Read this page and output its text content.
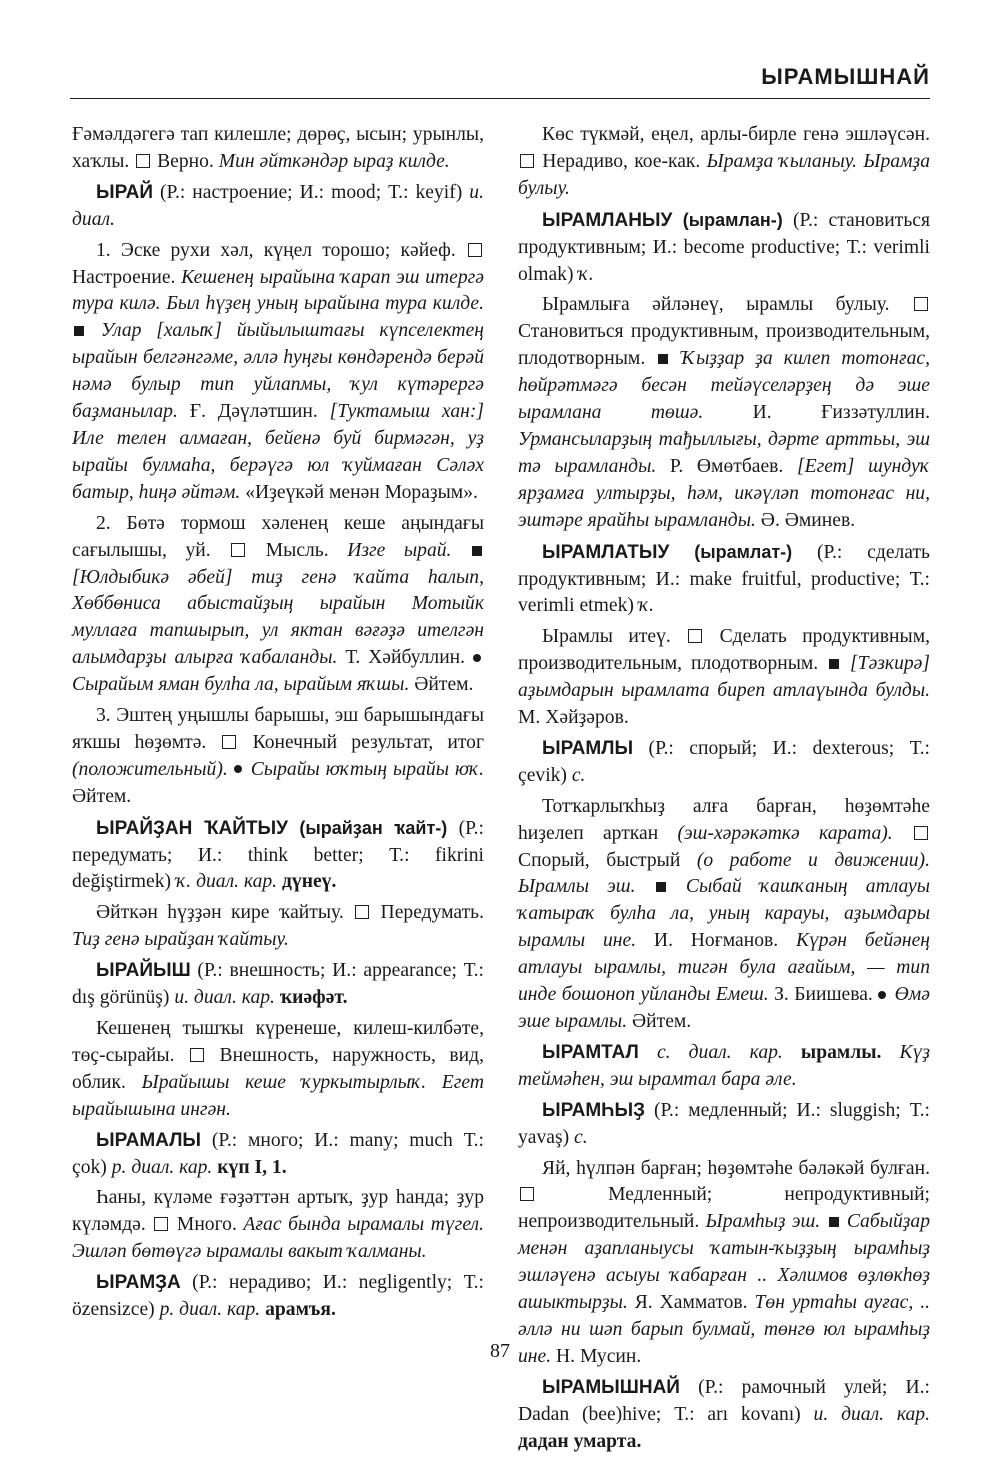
ЫРАМЫШНАЙ

Ғәмәлдәгегә тап килешле; дөрөҫ, ысын; урынлы, хаҡлы.  Верно. Мин әйткәндәр ыраҙ килде.

ЫРАЙ (Р.: настроение; И.: mood; Т.: keyif) и. диал.

1. Эске рухи хәл, күңел торошо; кәйеф.  Настроение. Кешенең ырайына ҡарап эш итергә тура килә. Был һүҙең уның ырайына тура килде.  Улар [халыҡ] йыйылыштағы күпселектең ырайын белгәнгәме, әллә һуңғы көндәрендә берәй нәмә булыр тип уйлапмы, ҡул күтәрергә баҙманылар. Ғ. Дәүләтшин. [Туктамыш хан:] Иле телен алмаған, бейенә буй бирмәгән, уҙ ырайы булмаһа, берәүгә юл ҡуймаған Сәләх батыр, һиңә әйтәм. «Иҙеүкәй менән Мораҙым».

2. Бөтә тормош хәленең кеше аңындағы сағылышы, уй.  Мысль. Изге ырай.  [Юлдыбикә әбей] тиҙ генә ҡайта һалып, Хөббөниса абыстайҙың ырайын Мотыйк муллаға тапшырып, ул яктан вәғәҙә ителгән алымдарҙы алырға ҡабаланды. Т. Хәйбуллин.  Сырайым яман булһа ла, ырайым яҡшы. Әйтем.

3. Эштең уңышлы барышы, эш барышындағы яҡшы һөҙөмтә.  Конечный результат, итог (положительный).  Сырайы юҡтың ырайы юҡ. Әйтем.

ЫРАЙҘАН ҠАЙТЫУ (ырайҙан ҡайт-) (Р.: передумать; И.: think better; Т.: fikrini değiştirmek) ҡ. диал. кар. дүнеү.

Әйткән һүҙҙән кире ҡайтыу.  Передумать. Тиҙ генә ырайҙан ҡайтыу.

ЫРАЙЫШ (Р.: внешность; И.: appearance; Т.: dış görünüş) и. диал. кар. ҡиәфәт.

Кешенең тышҡы күренеше, килеш-килбәте, төҫ-сырайы.  Внешность, наружность, вид, облик. Ырайышы кеше ҡуркытырлыҡ. Егет ырайышына ингән.

ЫРАМАЛЫ (Р.: много; И.: many; much Т.: çok) р. диал. кар. күп I, 1.

Һаны, күләме ғәҙәттән артыҡ, ҙур һанда; ҙур күләмдә.  Много. Ағас бында ырамалы түгел. Эшләп бөтөүгә ырамалы вакыт ҡалманы.

ЫРАМҘА (Р.: нерадиво; И.: negligently; Т.: özensizce) р. диал. кар. арамъя.

Көс түкмәй, еңел, арлы-бирле генә эшләүсән.  Нерадиво, кое-как. Ырамҙа ҡыланыу. Ырамҙа булыу.

ЫРАМЛАНЫУ (ырамлан-) (Р.: становиться продуктивным; И.: become productive; Т.: verimli olmak) ҡ.

Ырамлыға әйләнеү, ырамлы булыу.  Становиться продуктивным, производительным, плодотворным.  Ҡыҙҙар ҙа килеп тотонғас, һөйрәтмәгә бесән тейәүселәрҙең дә эше ырамлана төшә. И. Ғиззәтуллин. Урмансыларҙың тађыллығы, дәрте арттьы, эш тә ырамланды. Р. Өмөтбаев. [Егет] шундуҡ ярҙамға ултырҙы, һәм, икәүләп тотонғас ни, эштәре ярайһы ырамланды. Ә. Әминев.

ЫРАМЛАТЫУ (ырамлат-) (Р.: сделать продуктивным; И.: make fruitful, productive; Т.: verimli etmek) ҡ.

Ырамлы итеү.  Сделать продуктивным, производительным, плодотворным.  [Тәзкирә] аҙымдарын ырамлата биреп атлаүында булды. М. Хәйҙәров.

ЫРАМЛЫ (Р.: спорый; И.: dexterous; Т.: çevik) с.

Тотҡарлыҡһыҙ алға барған, һөҙөмтәһе һиҙелеп арткан (эш-хәрәкәткә карата).  Спорый, быстрый (о работе и движении). Ырамлы эш.  Сыбай ҡашҡаның атлауы ҡатыраҡ булһа ла, уның карауы, аҙымдары ырамлы ине. И. Ноғманов. Күрән бейәнең атлауы ырамлы, тигән була ағайым, — тип инде бошоноп уйланды Емеш. З. Биишева.  Өмә эше ырамлы. Әйтем.

ЫРАМТАЛ с. диал. кар. ырамлы. Күҙ теймәһен, эш ырамтал бара әле.

ЫРАМҺЫҘ (Р.: медленный; И.: sluggish; Т.: yavaş) с.

Яй, һүлпән барған; һөҙөмтәһе бәләкәй булған.  Медленный; непродуктивный; непроизводительный. Ырамһыҙ эш.  Сабыйҙар менән аҙапланыусы ҡатын-ҡыҙҙың ырамһыҙ эшләүенә асыуы ҡабарған .. Хәлимов өҙлөкһөҙ ашыктырҙы. Я. Хамматов. Төн уртаһы ауғас, .. әллә ни шәп барып булмай, төнгө юл ырамһыҙ ине. Н. Мусин.

ЫРАМЫШНАЙ (Р.: рамочный улей; И.: Dadan (bee)hive; Т.: arı kovanı) и. диал. кар. дадан умарта.

87
